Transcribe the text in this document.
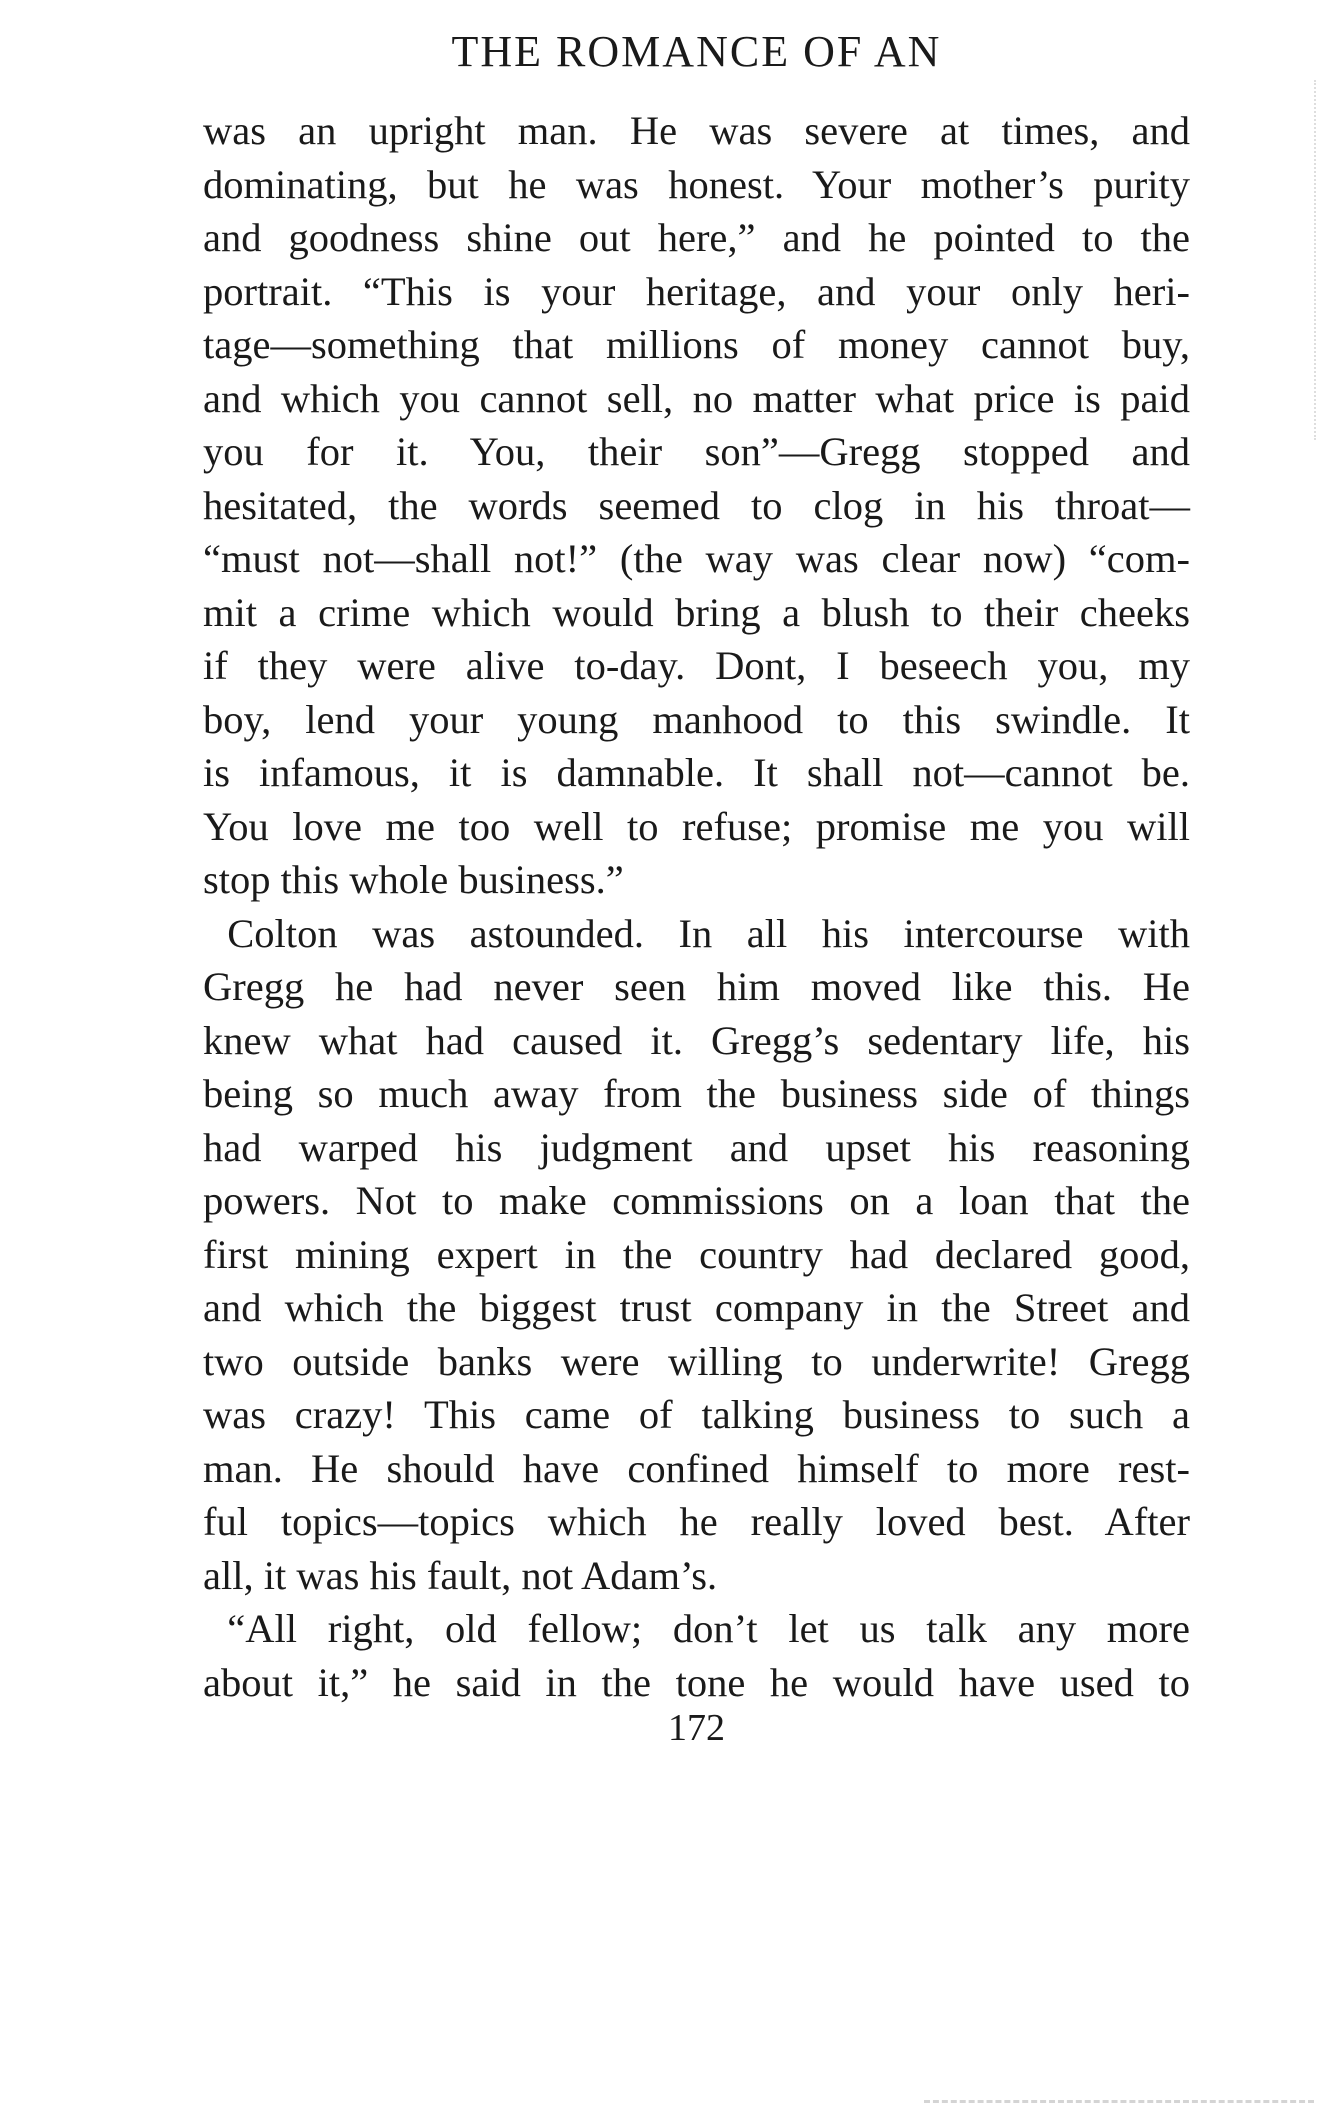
THE ROMANCE OF AN
was an upright man. He was severe at times, and
dominating, but he was honest. Your mother’s purity
and goodness shine out here,” and he pointed to the
portrait. “This is your heritage, and your only heri-
tage—something that millions of money cannot buy,
and which you cannot sell, no matter what price is paid
you for it. You, their son”—Gregg stopped and
hesitated, the words seemed to clog in his throat—
“must not—shall not!” (the way was clear now) “com-
mit a crime which would bring a blush to their cheeks
if they were alive to-day. Dont, I beseech you, my
boy, lend your young manhood to this swindle. It
is infamous, it is damnable. It shall not—cannot be.
You love me too well to refuse; promise me you will
stop this whole business.”
Colton was astounded. In all his intercourse with
Gregg he had never seen him moved like this. He
knew what had caused it. Gregg’s sedentary life, his
being so much away from the business side of things
had warped his judgment and upset his reasoning
powers. Not to make commissions on a loan that the
first mining expert in the country had declared good,
and which the biggest trust company in the Street and
two outside banks were willing to underwrite! Gregg
was crazy! This came of talking business to such a
man. He should have confined himself to more rest-
ful topics—topics which he really loved best. After
all, it was his fault, not Adam’s.
“All right, old fellow; don’t let us talk any more
about it,” he said in the tone he would have used to
172
